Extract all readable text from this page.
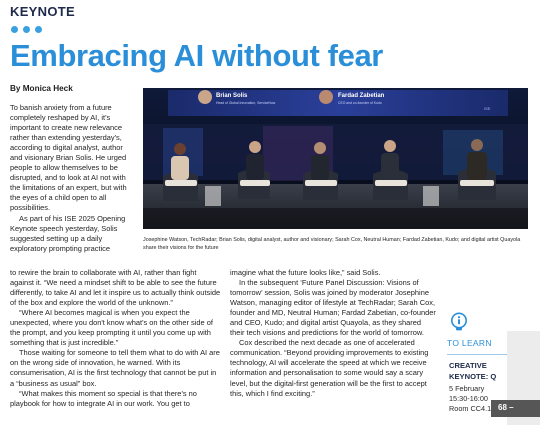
KEYNOTE
Embracing AI without fear
By Monica Heck

To banish anxiety from a future completely reshaped by AI, it's important to create new relevance rather than extending yesterday's, according to digital analyst, author and visionary Brian Solis. He urged people to allow themselves to be disrupted, and to look at AI not with the limitations of an expert, but with the eyes of a child open to all possibilities.

As part of his ISE 2025 Opening Keynote speech yesterday, Solis suggested setting up a daily exploratory prompting practice

Brian Solis
Head of Global Innovation, ServiceNow
Fardad Zabetian
CEO and co-founder of Kudo
ISE
Josephine Watson, TechRadar; Brian Solis, digital analyst, author and visionary; Sarah Cox, Neutral Human; Fardad Zabetian, Kudo; and digital artist Quayola share their visions for the future

to rewire the brain to collaborate with AI, rather than fight against it. “We need a mindset shift to be able to see the future differently, to take AI and let it inspire us to actually think outside of the box and explore the world of the unknown.”

“Where AI becomes magical is when you expect the unexpected, where you don't know what's on the other side of the prompt, and you keep prompting it until you come up with something that is just incredible.”

Those waiting for someone to tell them what to do with AI are on the wrong side of innovation, he warned. With its consumerisation, AI is the first technology that cannot be put in a “business as usual” box.

“What makes this moment so special is that there's no playbook for how to integrate AI in our work. You get to

imagine what the future looks like,” said Solis.

In the subsequent ‘Future Panel Discussion: Visions of tomorrow’ session, Solis was joined by moderator Josephine Watson, managing editor of lifestyle at TechRadar; Sarah Cox, founder and MD, Neutral Human; Fardad Zabetian, co-founder and CEO, Kudo; and digital artist Quayola, as they shared their tech visions and predictions for the world of tomorrow.

Cox described the next decade as one of accelerated communication. “Beyond providing improvements to existing technology, AI will accelerate the speed at which we receive information and personalisation to some would say a scary level, but the digital-first generation will be the first to accept this, which I find exciting.”

TO LEARN
CREATIVE
KEYNOTE: Q
5 February
15:30-16:00
Room CC4.1 68 –
